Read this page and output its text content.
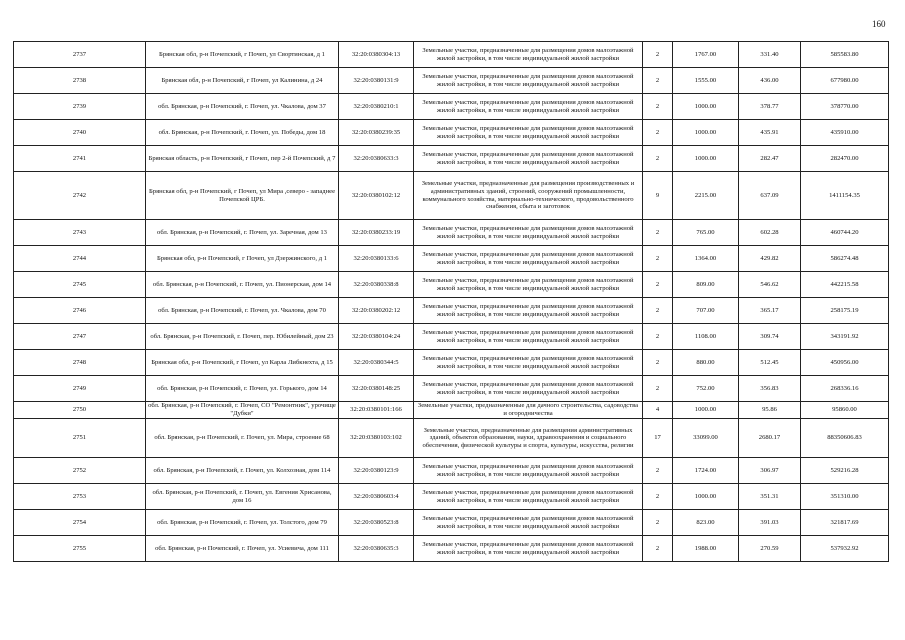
160
2737	Брянская обл, р-н Почепский, г Почеп, ул Свортинская, д 1	32:20:0380304:13	Земельные участки, предназначенные для размещения домов малоэтажной жилой застройки, в том числе индивидуальной жилой застройки	2	1767.00	331.40	585583.80
2738	Брянская обл, р-н Почепский, г Почеп, ул Калинина, д 24	32:20:0380131:9	Земельные участки, предназначенные для размещения домов малоэтажной жилой застройки, в том числе индивидуальной жилой застройки	2	1555.00	436.00	677980.00
2739	обл. Брянская, р-н Почепский, г. Почеп, ул. Чкалова, дом 37	32:20:0380210:1	Земельные участки, предназначенные для размещения домов малоэтажной жилой застройки, в том числе индивидуальной жилой застройки	2	1000.00	378.77	378770.00
2740	обл. Брянская, р-н Почепский, г. Почеп, ул. Победы, дом 18	32:20:0380239:35	Земельные участки, предназначенные для размещения домов малоэтажной жилой застройки, в том числе индивидуальной жилой застройки	2	1000.00	435.91	435910.00
2741	Брянская область, р-н Почепский, г Почеп, пер 2-й Почепский, д 7	32:20:0380633:3	Земельные участки, предназначенные для размещения домов малоэтажной жилой застройки, в том числе индивидуальной жилой застройки	2	1000.00	282.47	282470.00
2742	Брянская обл, р-н Почепский, г Почеп, ул Мира ,северо - западнее Почепской ЦРБ.	32:20:0380102:12	Земельные участки, предназначенные для размещения производственных и административных зданий, строений, сооружений промышленности, коммунального хозяйства, материально-технического, продовольственного снабжения, сбыта и заготовок	9	2215.00	637.09	1411154.35
2743	обл. Брянская, р-н Почепский, г. Почеп, ул. Заречная, дом 13	32:20:0380233:19	Земельные участки, предназначенные для размещения домов малоэтажной жилой застройки, в том числе индивидуальной жилой застройки	2	765.00	602.28	460744.20
2744	Брянская обл, р-н Почепский, г Почеп, ул Дзержинского, д 1	32:20:0380133:6	Земельные участки, предназначенные для размещения домов малоэтажной жилой застройки, в том числе индивидуальной жилой застройки	2	1364.00	429.82	586274.48
2745	обл. Брянская, р-н Почепский, г. Почеп, ул. Пионерская, дом 14	32:20:0380338:8	Земельные участки, предназначенные для размещения домов малоэтажной жилой застройки, в том числе индивидуальной жилой застройки	2	809.00	546.62	442215.58
2746	обл. Брянская, р-н Почепский, г. Почеп, ул. Чкалова, дом 70	32:20:0380202:12	Земельные участки, предназначенные для размещения домов малоэтажной жилой застройки, в том числе индивидуальной жилой застройки	2	707.00	365.17	258175.19
2747	обл. Брянская, р-н Почепский, г. Почеп, пер. Юбилейный, дом 23	32:20:0380104:24	Земельные участки, предназначенные для размещения домов малоэтажной жилой застройки, в том числе индивидуальной жилой застройки	2	1108.00	309.74	343191.92
2748	Брянская обл, р-н Почепский, г Почеп, ул Карла Либкнехта, д 15	32:20:0380344:5	Земельные участки, предназначенные для размещения домов малоэтажной жилой застройки, в том числе индивидуальной жилой застройки	2	880.00	512.45	450956.00
2749	обл. Брянская, р-н Почепский, г. Почеп, ул. Горького, дом 14	32:20:0380148:25	Земельные участки, предназначенные для размещения домов малоэтажной жилой застройки, в том числе индивидуальной жилой застройки	2	752.00	356.83	268336.16
2750	обл. Брянская, р-н Почепский, г. Почеп, СО "Ремонтник", урочище "Дубки"	32:20:0380101:166	Земельные участки, предназначенные для дачного строительства, садоводства и огородничества	4	1000.00	95.86	95860.00
2751	обл. Брянская, р-н Почепский, г. Почеп, ул. Мира, строение 68	32:20:0380103:102	Земельные участки, предназначенные для размещения административных зданий, объектов образования, науки, здравоохранения и социального обеспечения, физической культуры и спорта, культуры, искусства, религии	17	33099.00	2680.17	88350606.83
2752	обл. Брянская, р-н Почепский, г. Почеп, ул. Колхозная, дом 114	32:20:0380123:9	Земельные участки, предназначенные для размещения домов малоэтажной жилой застройки, в том числе индивидуальной жилой застройки	2	1724.00	306.97	529216.28
2753	обл. Брянская, р-н Почепский, г. Почеп, ул. Евгения Хрисанова, дом 16	32:20:0380603:4	Земельные участки, предназначенные для размещения домов малоэтажной жилой застройки, в том числе индивидуальной жилой застройки	2	1000.00	351.31	351310.00
2754	обл. Брянская, р-н Почепский, г. Почеп, ул. Толстого, дом 79	32:20:0380523:8	Земельные участки, предназначенные для размещения домов малоэтажной жилой застройки, в том числе индивидуальной жилой застройки	2	823.00	391.03	321817.69
2755	обл. Брянская, р-н Почепский, г. Почеп, ул. Усиевича, дом 111	32:20:0380635:3	Земельные участки, предназначенные для размещения домов малоэтажной жилой застройки, в том числе индивидуальной жилой застройки	2	1988.00	270.59	537932.92
